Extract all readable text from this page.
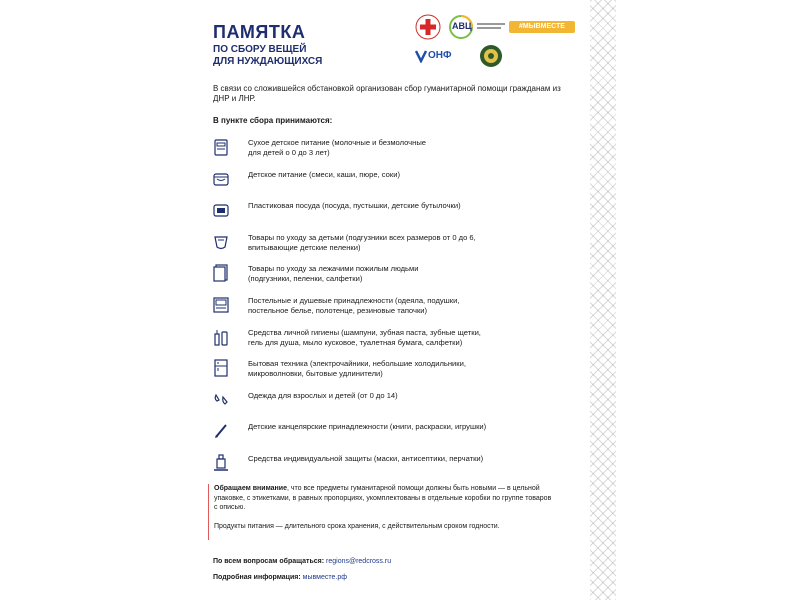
ПАМЯТКА
ПО СБОРУ ВЕЩЕЙ
ДЛЯ НУЖДАЮЩИХСЯ
АВЦ	#МЫВМЕСТЕ
ОНФ
В связи со сложившейся обстановкой организован сбор гуманитарной помощи гражданам из ДНР и ЛНР.
В пункте сбора принимаются:
Сухое детское питание (молочные и безмолочные
для детей о 0 до 3 лет)
Детское питание (смеси, каши, пюре, соки)
Пластиковая посуда (посуда, пустышки, детские бутылочки)
Товары по уходу за детьми (подгузники всех размеров от 0 до 6,
впитывающие детские пеленки)
Товары по уходу за лежачими пожилым людьми
(подгузники, пеленки, салфетки)
Постельные и душевые принадлежности (одеяла, подушки,
постельное белье, полотенце, резиновые тапочки)
Средства личной гигиены (шампуни, зубная паста, зубные щетки,
гель для душа, мыло кусковое, туалетная бумага, салфетки)
Бытовая техника (электрочайники, небольшие холодильники,
микроволновки, бытовые удлинители)
Одежда для взрослых и детей (от 0 до 14)
Детские канцелярские принадлежности (книги, раскраски, игрушки)
Средства индивидуальной защиты (маски, антисептики, перчатки)

Обращаем внимание, что все предметы гуманитарной помощи должны быть новыми — в цельной упаковке, с этикетками, в равных пропорциях, укомплектованы в отдельные коробки по группе товаров с описью.

Продукты питания — длительного срока хранения, с действительным сроком годности.

По всем вопросам обращаться: regions@redcross.ru
Подробная информация: мывместе.рф
